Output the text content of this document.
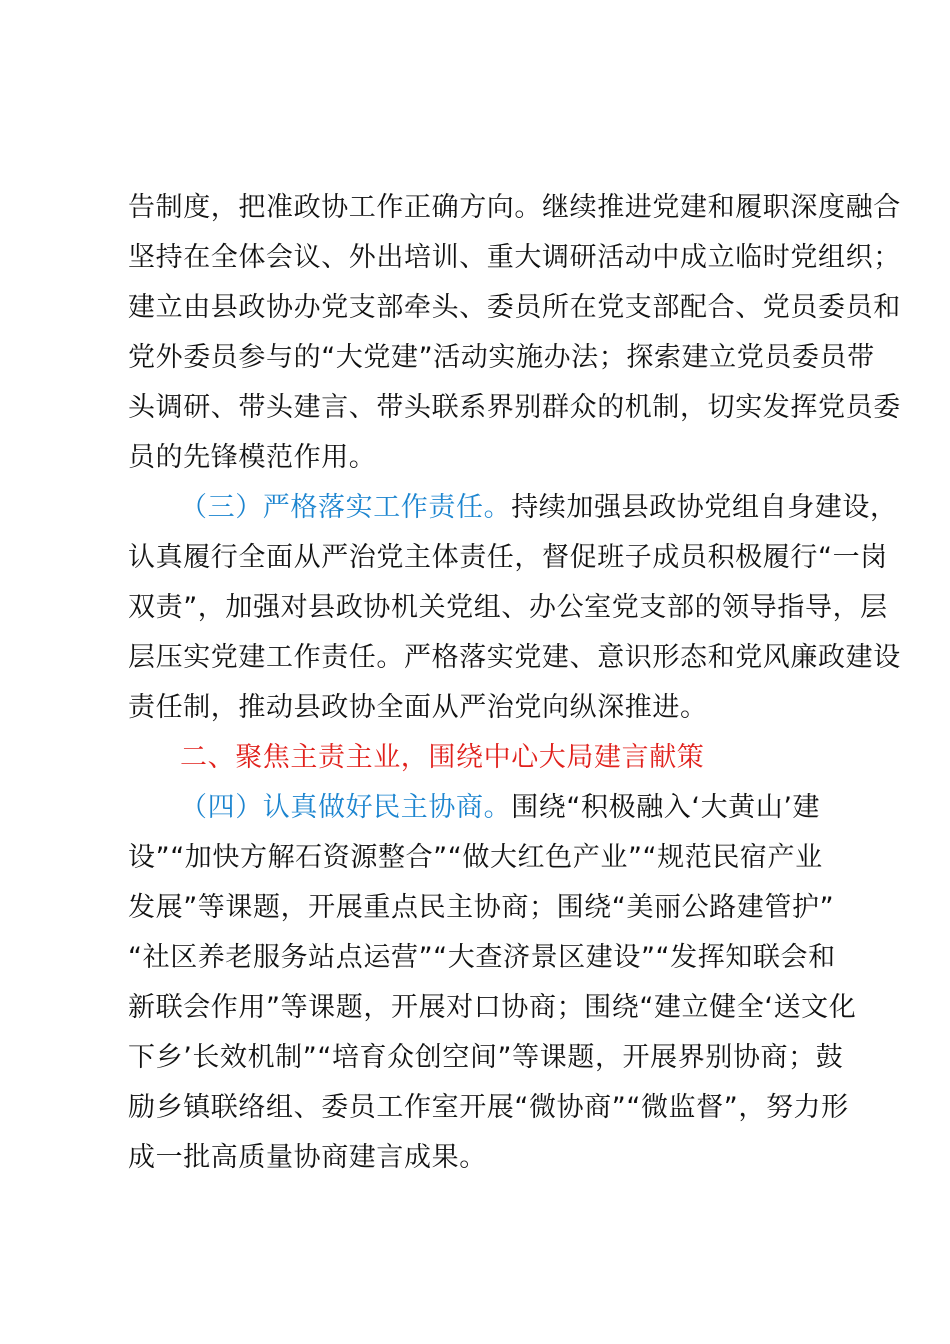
告制度，把准政协工作正确方向。继续推进党建和履职深度融合
坚持在全体会议、外出培训、重大调研活动中成立临时党组织；
建立由县政协办党支部牵头、委员所在党支部配合、党员委员和
党外委员参与的“大党建”活动实施办法；探索建立党员委员带
头调研、带头建言、带头联系界别群众的机制，切实发挥党员委
员的先锋模范作用。
（三）严格落实工作责任。持续加强县政协党组自身建设，
认真履行全面从严治党主体责任，督促班子成员积极履行“一岗
双责”，加强对县政协机关党组、办公室党支部的领导指导，层
层压实党建工作责任。严格落实党建、意识形态和党风廉政建设
责任制，推动县政协全面从严治党向纵深推进。
二、聚焦主责主业，围绕中心大局建言献策
（四）认真做好民主协商。围绕“积极融入‘大黄山’建
设”“加快方解石资源整合”“做大红色产业”“规范民宿产业
发展”等课题，开展重点民主协商；围绕“美丽公路建管护”
“社区养老服务站点运营”“大查济景区建设”“发挥知联会和
新联会作用”等课题，开展对口协商；围绕“建立健全‘送文化
下乡’长效机制”“培育众创空间”等课题，开展界别协商；鼓
励乡镇联络组、委员工作室开展“微协商”“微监督”，努力形
成一批高质量协商建言成果。
